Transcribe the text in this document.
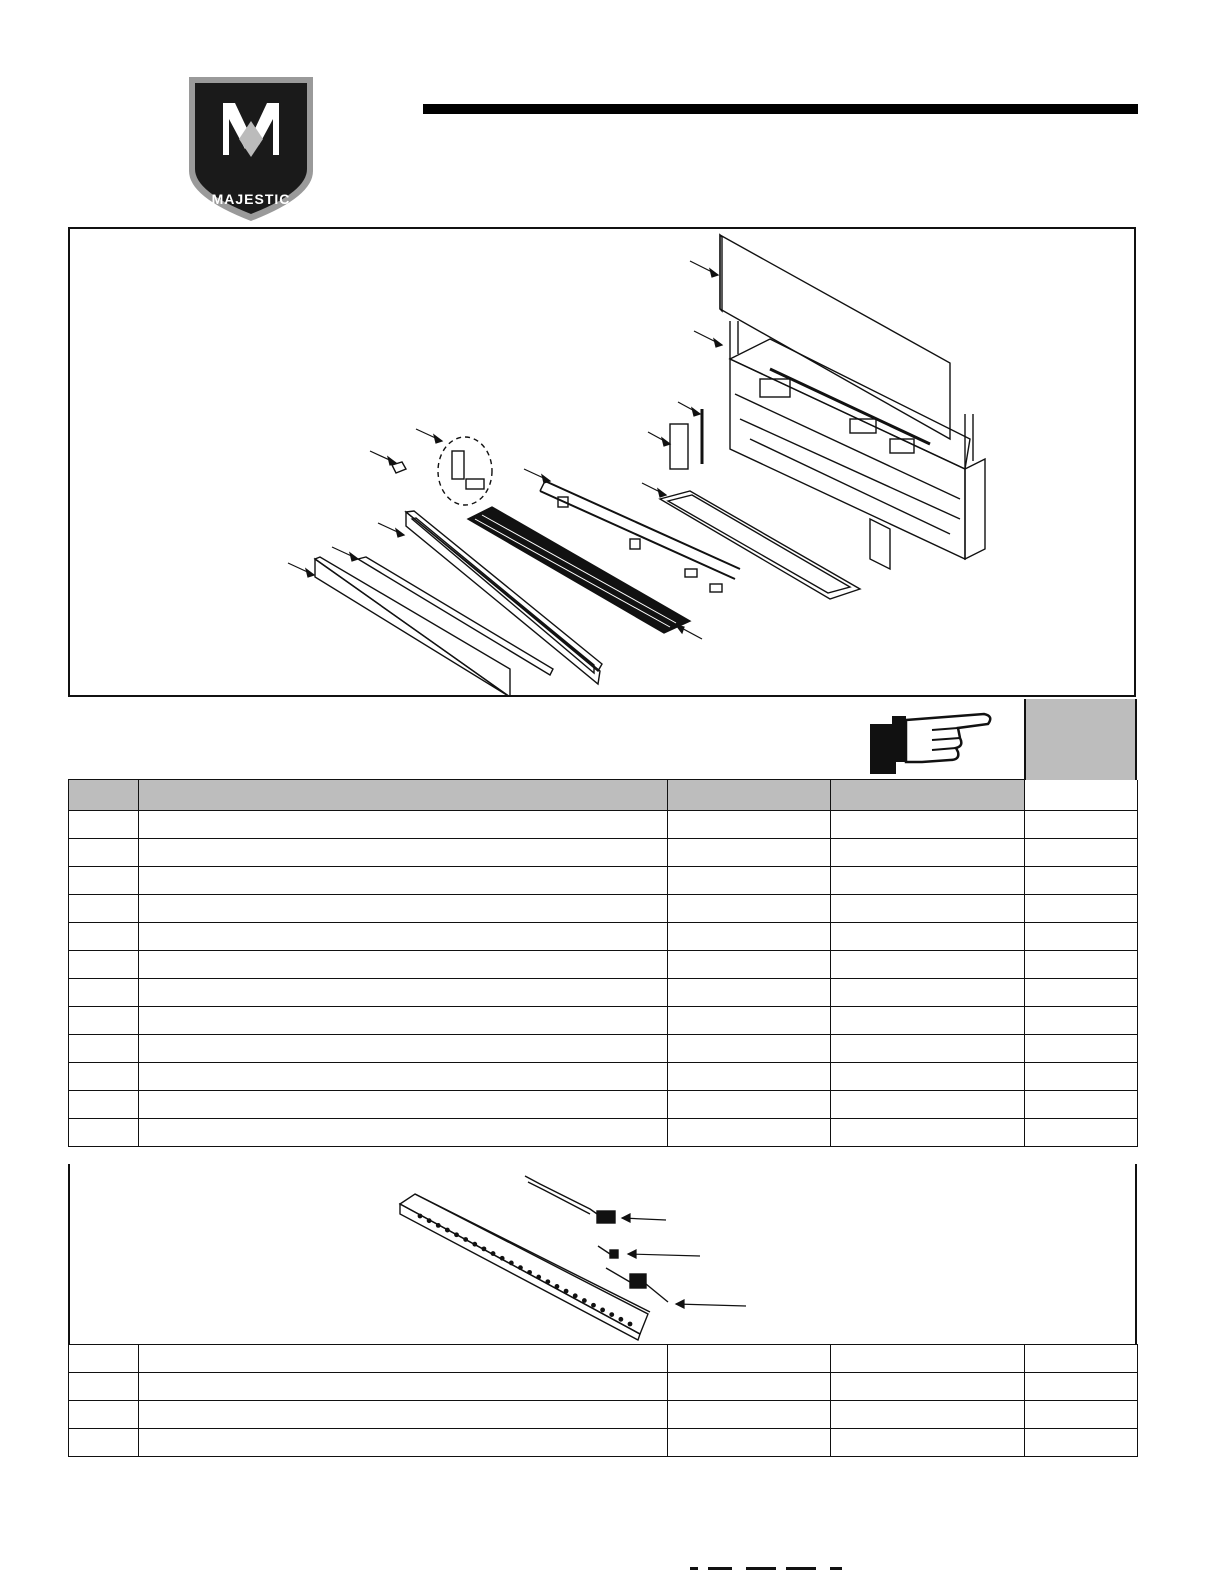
MAJESTIC
